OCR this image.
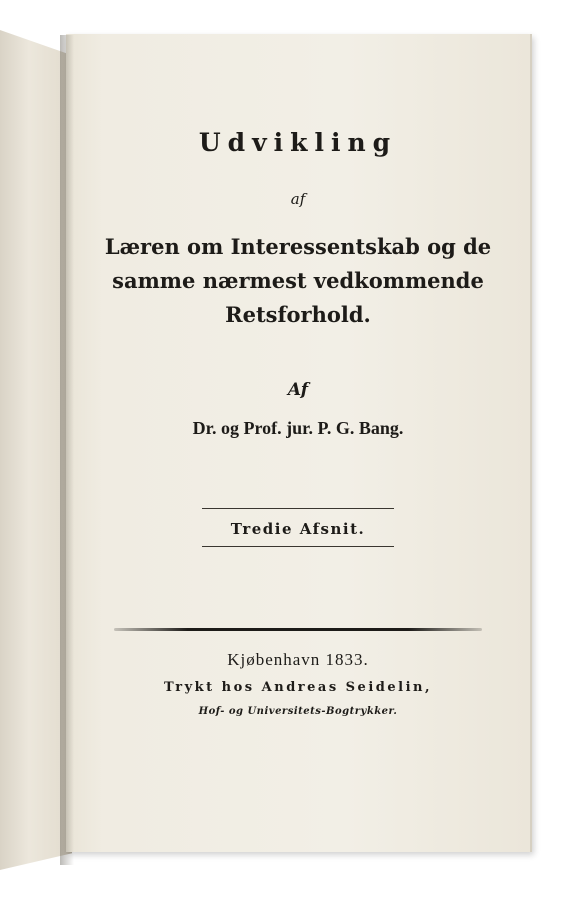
Udvikling
af
Læren om Interessentskab og de
samme nærmest vedkommende
Retsforhold.
Af
Dr. og Prof. jur. P. G. Bang.
Tredie Afsnit.
Kjøbenhavn 1833.
Trykt hos Andreas Seidelin,
Hof- og Universitets-Bogtrykker.
